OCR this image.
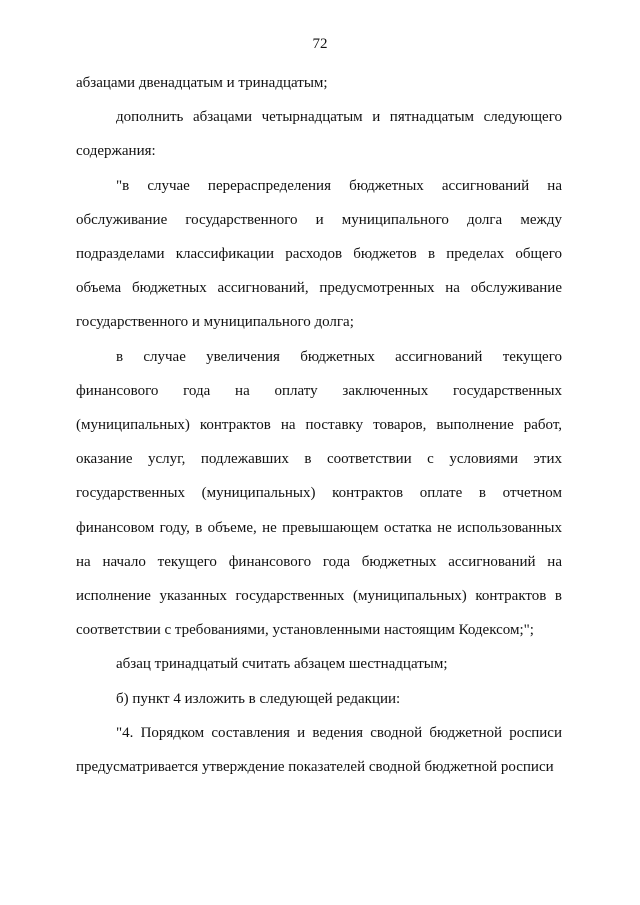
72

абзацами двенадцатым и тринадцатым;

дополнить абзацами четырнадцатым и пятнадцатым следующего содержания:

"в случае перераспределения бюджетных ассигнований на обслуживание государственного и муниципального долга между подразделами классификации расходов бюджетов в пределах общего объема бюджетных ассигнований, предусмотренных на обслуживание государственного и муниципального долга;

в случае увеличения бюджетных ассигнований текущего финансового года на оплату заключенных государственных (муниципальных) контрактов на поставку товаров, выполнение работ, оказание услуг, подлежавших в соответствии с условиями этих государственных (муниципальных) контрактов оплате в отчетном финансовом году, в объеме, не превышающем остатка не использованных на начало текущего финансового года бюджетных ассигнований на исполнение указанных государственных (муниципальных) контрактов в соответствии с требованиями, установленными настоящим Кодексом;";

абзац тринадцатый считать абзацем шестнадцатым;

б) пункт 4 изложить в следующей редакции:

"4. Порядком составления и ведения сводной бюджетной росписи предусматривается утверждение показателей сводной бюджетной росписи
